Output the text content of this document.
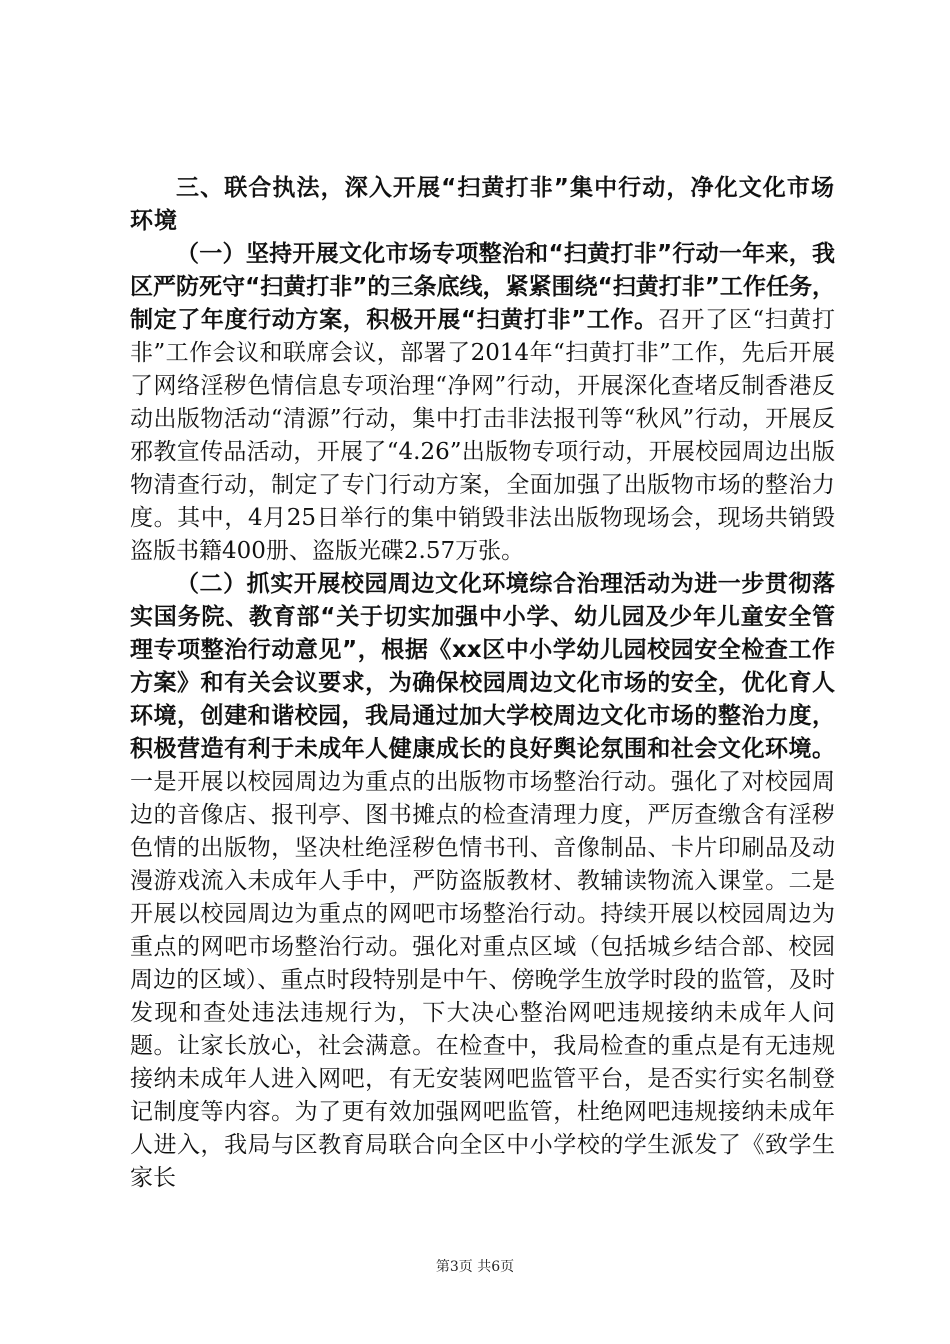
三、联合执法，深入开展“扫黄打非”集中行动，净化文化市场环境

（一）坚持开展文化市场专项整治和“扫黄打非”行动一年来，我区严防死守“扫黄打非”的三条底线，紧紧围绕“扫黄打非”工作任务，制定了年度行动方案，积极开展“扫黄打非”工作。召开了区“扫黄打非”工作会议和联席会议，部署了2014年“扫黄打非”工作，先后开展了网络淫秽色情信息专项治理“净网”行动，开展深化查堵反制香港反动出版物活动“清源”行动，集中打击非法报刊等“秋风”行动，开展反邪教宣传品活动，开展了“4.26”出版物专项行动，开展校园周边出版物清查行动，制定了专门行动方案，全面加强了出版物市场的整治力度。其中，4月25日举行的集中销毁非法出版物现场会，现场共销毁盗版书籍400册、盗版光碟2.57万张。

（二）抓实开展校园周边文化环境综合治理活动为进一步贯彻落实国务院、教育部“关于切实加强中小学、幼儿园及少年儿童安全管理专项整治行动意见”，根据《xx区中小学幼儿园校园安全检查工作方案》和有关会议要求，为确保校园周边文化市场的安全，优化育人环境，创建和谐校园，我局通过加大学校周边文化市场的整治力度，积极营造有利于未成年人健康成长的良好舆论氛围和社会文化环境。一是开展以校园周边为重点的出版物市场整治行动。强化了对校园周边的音像店、报刊亭、图书摊点的检查清理力度，严厉查缴含有淫秽色情的出版物，坚决杜绝淫秽色情书刊、音像制品、卡片印刷品及动漫游戏流入未成年人手中，严防盗版教材、教辅读物流入课堂。二是开展以校园周边为重点的网吧市场整治行动。持续开展以校园周边为重点的网吧市场整治行动。强化对重点区域（包括城乡结合部、校园周边的区域）、重点时段特别是中午、傍晚学生放学时段的监管，及时发现和查处违法违规行为，下大决心整治网吧违规接纳未成年人问题。让家长放心，社会满意。在检查中，我局检查的重点是有无违规接纳未成年人进入网吧，有无安装网吧监管平台，是否实行实名制登记制度等内容。为了更有效加强网吧监管，杜绝网吧违规接纳未成年人进入，我局与区教育局联合向全区中小学校的学生派发了《致学生家长

第3页 共6页
